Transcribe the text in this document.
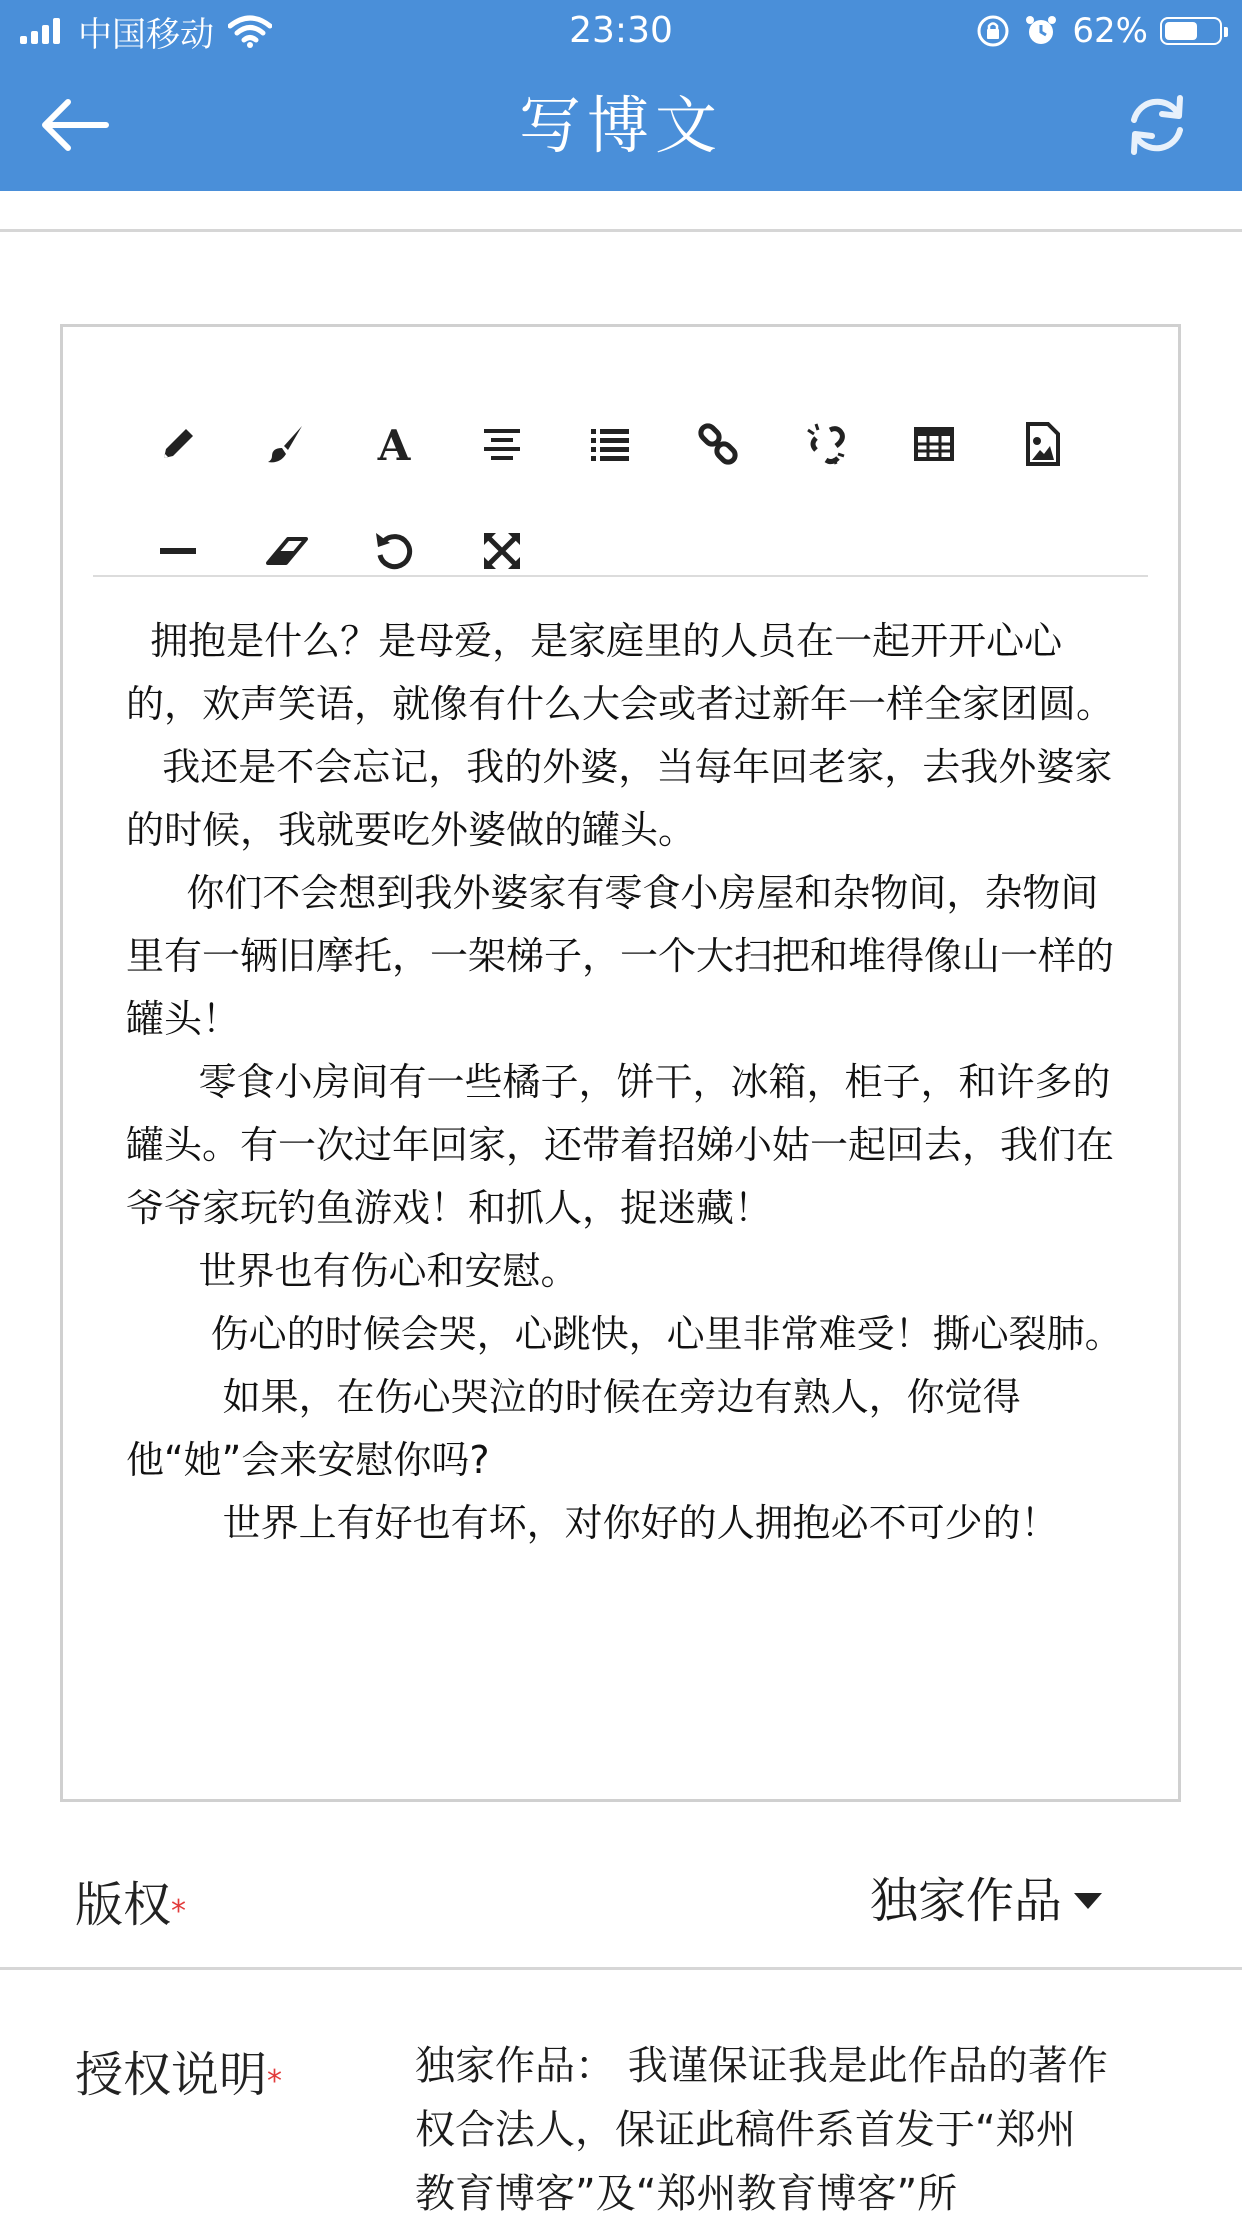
中国移动	23:30	62%
写博文
A

拥抱是什么？是母爱，是家庭里的人员在一起开开心心的，欢声笑语，就像有什么大会或者过新年一样全家团圆。

我还是不会忘记，我的外婆，当每年回老家，去我外婆家的时候，我就要吃外婆做的罐头。

你们不会想到我外婆家有零食小房屋和杂物间，杂物间里有一辆旧摩托，一架梯子，一个大扫把和堆得像山一样的罐头！

零食小房间有一些橘子，饼干，冰箱，柜子，和许多的罐头。有一次过年回家，还带着招娣小姑一起回去，我们在爷爷家玩钓鱼游戏！和抓人，捉迷藏！

世界也有伤心和安慰。

伤心的时候会哭，心跳快，心里非常难受！撕心裂肺。

如果，在伤心哭泣的时候在旁边有熟人，你觉得他“她”会来安慰你吗?

世界上有好也有坏，对你好的人拥抱必不可少的！

版权*	独家作品
授权说明*	独家作品： 我谨保证我是此作品的著作权合法人，保证此稿件系首发于“郑州教育博客”及“郑州教育博客”所
